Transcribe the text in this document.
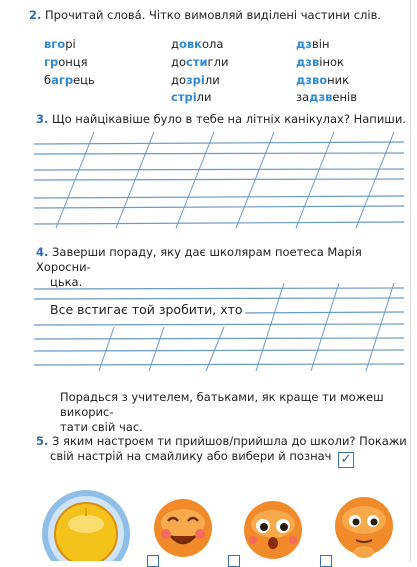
2. Прочитай слова́. Чітко вимовляй виділені частини слів.
вгорі
гронця
багрець
довкола
достигли
дозріли
стріли
дзвін
дзвінок
дзвоник
задзвенів
3. Що найцікавіше було в тебе на літніх канікулах? Напиши.
4. Заверши пораду, яку дає школярам поетеса Марія Хоросни-
цька.
Все встигає той зробити, хто
Порадься з учителем, батьками, як краще ти можеш викорис-
тати свій час.
5. З яким настроєм ти прийшов/прийшла до школи? Покажи
свій настрій на смайлику або вибери й познач ✓
